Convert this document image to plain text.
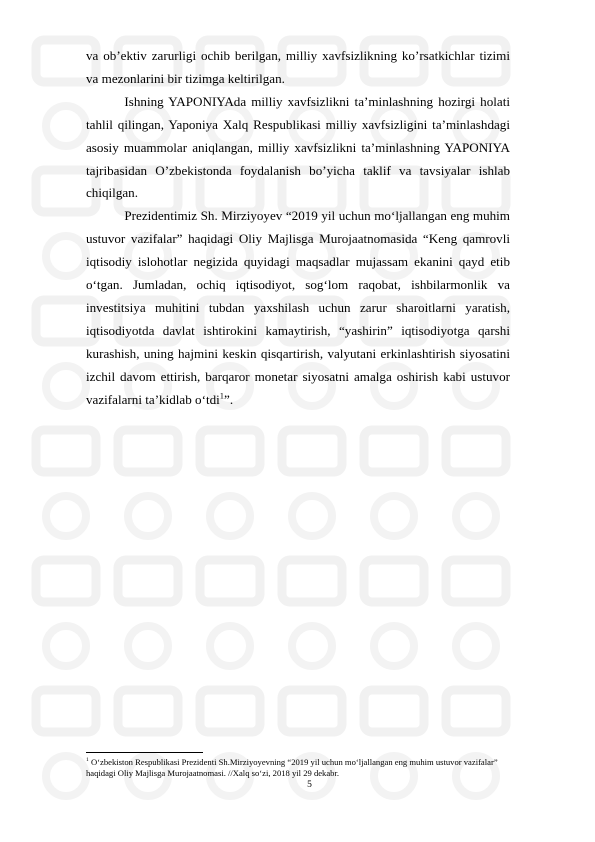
va ob’ektiv zarurligi ochib berilgan, milliy xavfsizlikning ko’rsatkichlar tizimi va mezonlarini bir tizimga keltirilgan.

Ishning YAPONIYAda milliy xavfsizlikni ta’minlashning hozirgi holati tahlil qilingan, Yaponiya Xalq Respublikasi milliy xavfsizligini ta’minlashdagi asosiy muammolar aniqlangan, milliy xavfsizlikni ta’minlashning YAPONIYA tajribasidan O’zbekistonda foydalanish bo’yicha taklif va tavsiyalar ishlab chiqilgan.

Prezidentimiz Sh. Mirziyoyev “2019 yil uchun mo‘ljallangan eng muhim ustuvor vazifalar” haqidagi Oliy Majlisga Murojaatnomasida “Keng qamrovli iqtisodiy islohotlar negizida quyidagi maqsadlar mujassam ekanini qayd etib o‘tgan. Jumladan, ochiq iqtisodiyot, sog‘lom raqobat, ishbilarmonlik va investitsiya muhitini tubdan yaxshilash uchun zarur sharoitlarni yaratish, iqtisodiyotda davlat ishtirokini kamaytirish, “yashirin” iqtisodiyotga qarshi kurashish, uning hajmini keskin qisqartirish, valyutani erkinlashtirish siyosatini izchil davom ettirish, barqaror monetar siyosatni amalga oshirish kabi ustuvor vazifalarni ta’kidlab o‘tdi$^1$”.

$^1$ O‘zbekiston Respublikasi Prezidenti Sh.Mirziyoyevning “2019 yil uchun mo‘ljallangan eng muhim ustuvor vazifalar” haqidagi Oliy Majlisga Murojaatnomasi. //Xalq so‘zi, 2018 yil 29 dekabr.
5
